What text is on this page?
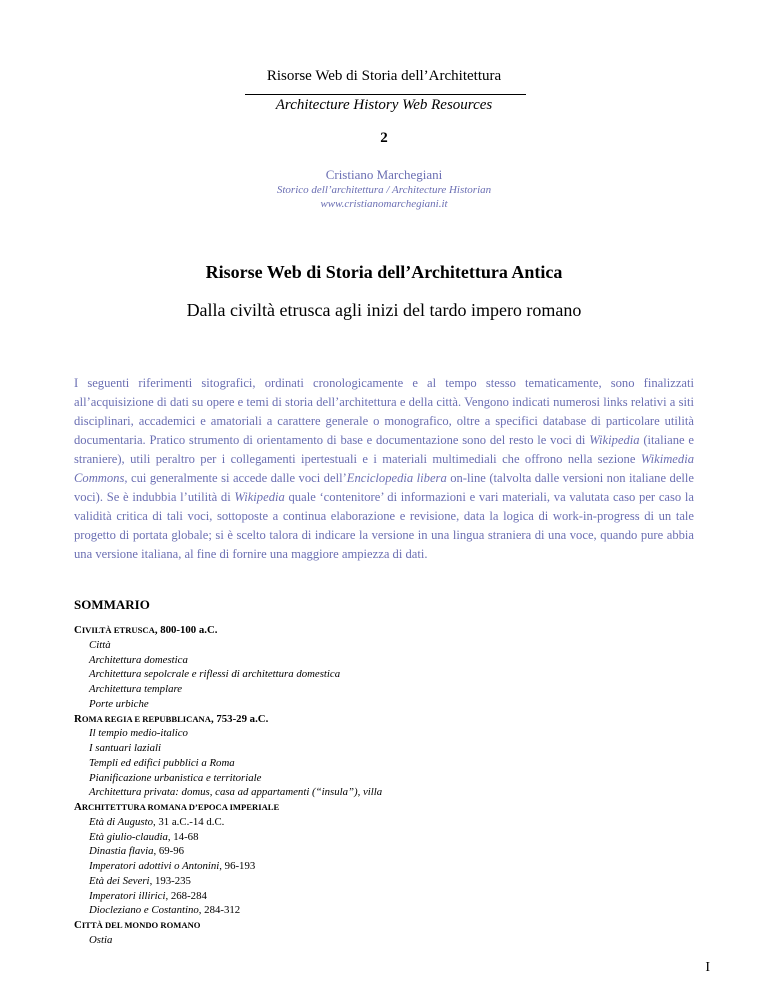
Risorse Web di Storia dell’Architettura
Architecture History Web Resources
2
Cristiano Marchegiani
Storico dell’architettura / Architecture Historian
www.cristianomarchegiani.it
Risorse Web di Storia dell’Architettura Antica
Dalla civiltà etrusca agli inizi del tardo impero romano
I seguenti riferimenti sitografici, ordinati cronologicamente e al tempo stesso tematicamente, sono finalizzati all’acquisizione di dati su opere e temi di storia dell’architettura e della città. Vengono indicati numerosi links relativi a siti disciplinari, accademici e amatoriali a carattere generale o monografico, oltre a specifici database di particolare utilità documentaria. Pratico strumento di orientamento di base e documentazione sono del resto le voci di Wikipedia (italiane e straniere), utili peraltro per i collegamenti ipertestuali e i materiali multimediali che offrono nella sezione Wikimedia Commons, cui generalmente si accede dalle voci dell’Enciclopedia libera on-line (talvolta dalle versioni non italiane delle voci). Se è indubbia l’utilità di Wikipedia quale ‘contenitore’ di informazioni e vari materiali, va valutata caso per caso la validità critica di tali voci, sottoposte a continua elaborazione e revisione, data la logica di work-in-progress di un tale progetto di portata globale; si è scelto talora di indicare la versione in una lingua straniera di una voce, quando pure abbia una versione italiana, al fine di fornire una maggiore ampiezza di dati.
SOMMARIO
CIVILTÀ ETRUSCA, 800-100 a.C.
Città
Architettura domestica
Architettura sepolcrale e riflessi di architettura domestica
Architettura templare
Porte urbiche
ROMA REGIA E REPUBBLICANA, 753-29 a.C.
Il tempio medio-italico
I santuari laziali
Templi ed edifici pubblici a Roma
Pianificazione urbanistica e territoriale
Architettura privata: domus, casa ad appartamenti (“insula”), villa
ARCHITETTURA ROMANA D’EPOCA IMPERIALE
Età di Augusto, 31 a.C.-14 d.C.
Età giulio-claudia, 14-68
Dinastia flavia, 69-96
Imperatori adottivi o Antonini, 96-193
Età dei Severi, 193-235
Imperatori illirici, 268-284
Diocleziano e Costantino, 284-312
CITTÀ DEL MONDO ROMANO
Ostia
I
